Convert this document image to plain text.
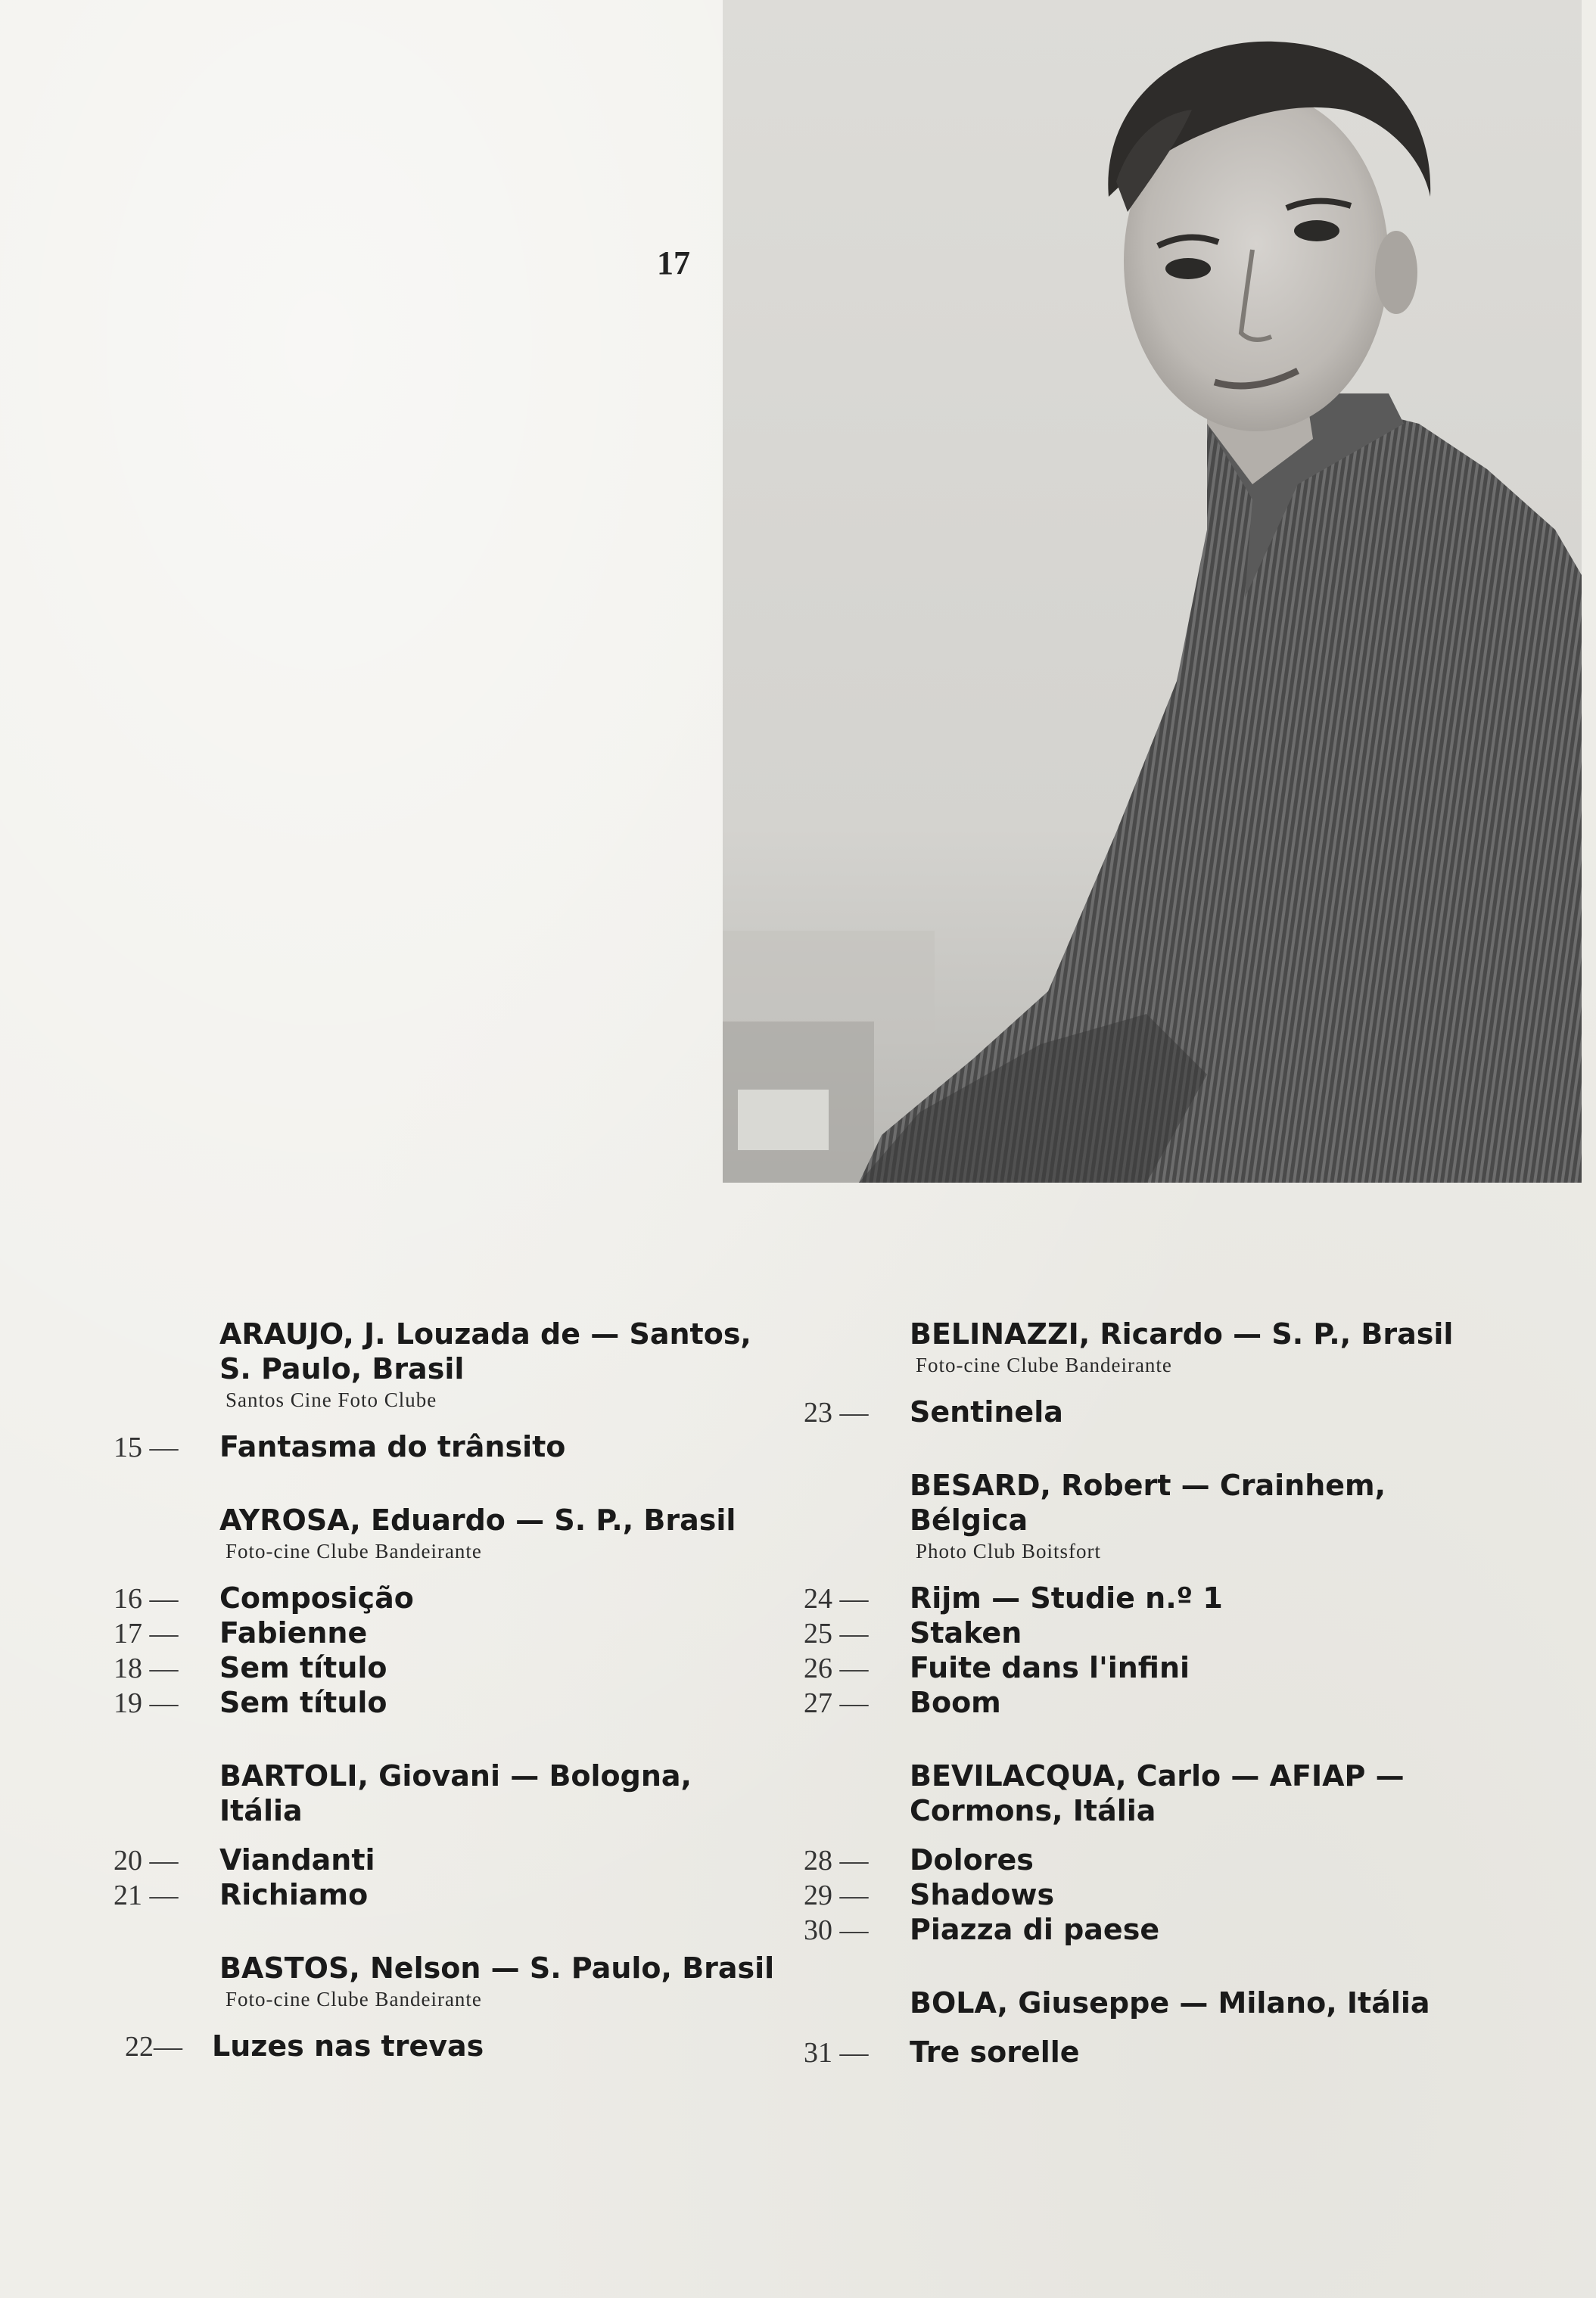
17
ARAUJO, J. Louzada de — Santos, S. Paulo, Brasil
Santos Cine Foto Clube
15 —	Fantasma do trânsito
AYROSA, Eduardo — S. P., Brasil
Foto-cine Clube Bandeirante
16 —	Composição
17 —	Fabienne
18 —	Sem título
19 —	Sem título
BARTOLI, Giovani — Bologna, Itália
20 —	Viandanti
21 —	Richiamo
BASTOS, Nelson — S. Paulo, Brasil
Foto-cine Clube Bandeirante
22—	Luzes nas trevas
BELINAZZI, Ricardo — S. P., Brasil
Foto-cine Clube Bandeirante
23 —	Sentinela
BESARD, Robert — Crainhem, Bélgica
Photo Club Boitsfort
24 —	Rijm — Studie n.º 1
25 —	Staken
26 —	Fuite dans l'infini
27 —	Boom
BEVILACQUA, Carlo — AFIAP — Cormons, Itália
28 —	Dolores
29 —	Shadows
30 —	Piazza di paese
BOLA, Giuseppe — Milano, Itália
31 —	Tre sorelle
